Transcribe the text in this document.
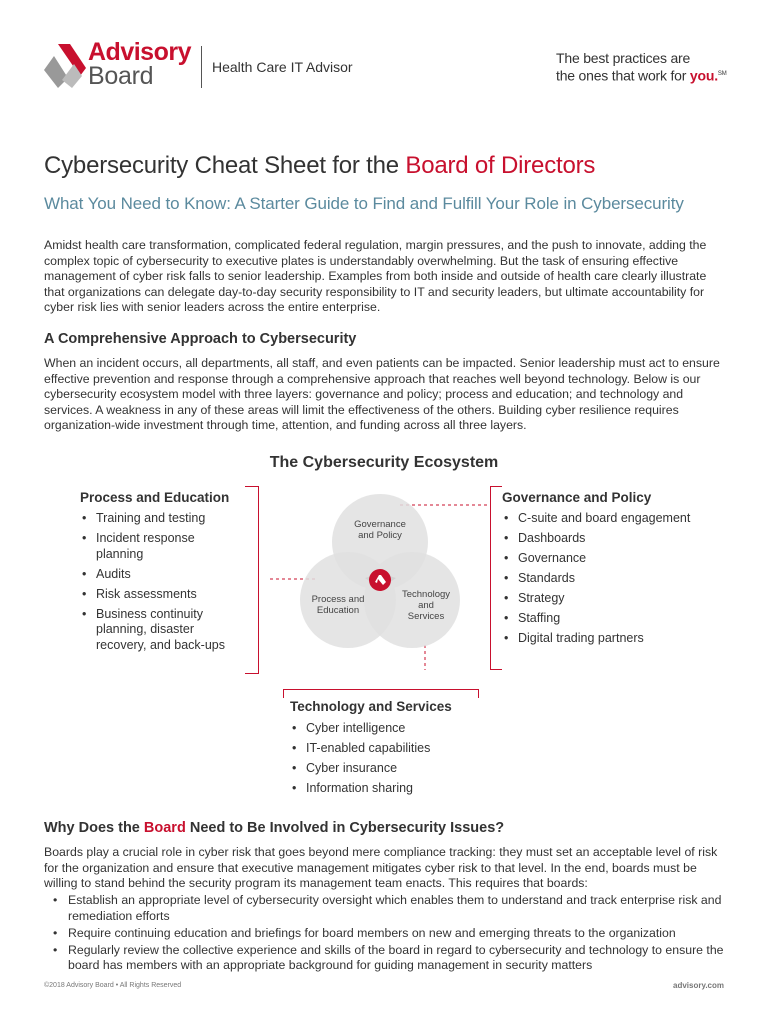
Advisory
Board	Health Care IT Advisor
The best practices are
the ones that work for you.℠
Cybersecurity Cheat Sheet for the Board of Directors
What You Need to Know: A Starter Guide to Find and Fulfill Your Role in Cybersecurity
Amidst health care transformation, complicated federal regulation, margin pressures, and the push to innovate, adding the complex topic of cybersecurity to executive plates is understandably overwhelming. But the task of ensuring effective management of cyber risk falls to senior leadership. Examples from both inside and outside of health care clearly illustrate that organizations can delegate day-to-day security responsibility to IT and security leaders, but ultimate accountability for cyber risk lies with senior leaders across the entire enterprise.
A Comprehensive Approach to Cybersecurity
When an incident occurs, all departments, all staff, and even patients can be impacted. Senior leadership must act to ensure effective prevention and response through a comprehensive approach that reaches well beyond technology. Below is our cybersecurity ecosystem model with three layers: governance and policy; process and education; and technology and services. A weakness in any of these areas will limit the effectiveness of the others. Building cyber resilience requires organization-wide investment through time, attention, and funding across all three layers.
The Cybersecurity Ecosystem
Process and Education
• Training and testing
• Incident response planning
• Audits
• Risk assessments
• Business continuity planning, disaster recovery, and back-ups
Governance and Policy
• C-suite and board engagement
• Dashboards
• Governance
• Standards
• Strategy
• Staffing
• Digital trading partners
Governance
and Policy
Process and
Education
Technology
and
Services
Technology and Services
• Cyber intelligence
• IT-enabled capabilities
• Cyber insurance
• Information sharing
Why Does the Board Need to Be Involved in Cybersecurity Issues?
Boards play a crucial role in cyber risk that goes beyond mere compliance tracking: they must set an acceptable level of risk for the organization and ensure that executive management mitigates cyber risk to that level. In the end, boards must be willing to stand behind the security program its management team enacts. This requires that boards:
• Establish an appropriate level of cybersecurity oversight which enables them to understand and track enterprise risk and remediation efforts
• Require continuing education and briefings for board members on new and emerging threats to the organization
• Regularly review the collective experience and skills of the board in regard to cybersecurity and technology to ensure the board has members with an appropriate background for guiding management in security matters
©2018 Advisory Board • All Rights Reserved	advisory.com
